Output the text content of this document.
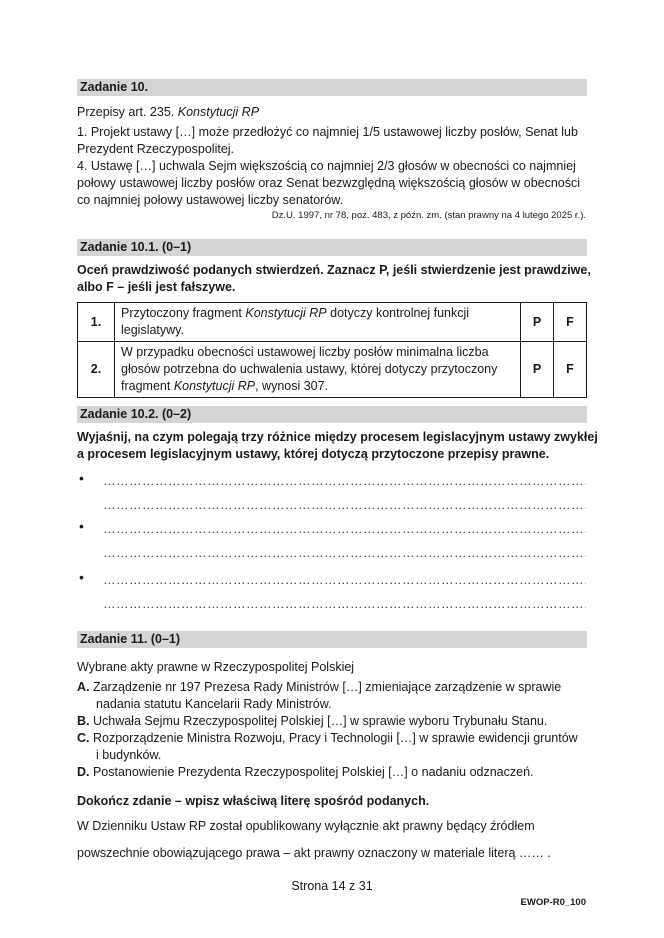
Zadanie 10.
Przepisy art. 235. Konstytucji RP
1. Projekt ustawy […] może przedłożyć co najmniej 1/5 ustawowej liczby posłów, Senat lub
Prezydent Rzeczypospolitej.
4. Ustawę […] uchwala Sejm większością co najmniej 2/3 głosów w obecności co najmniej
połowy ustawowej liczby posłów oraz Senat bezwzględną większością głosów w obecności
co najmniej połowy ustawowej liczby senatorów.
Dz.U. 1997, nr 78, poz. 483, z późn. zm. (stan prawny na 4 lutego 2025 r.).
Zadanie 10.1. (0–1)
Oceń prawdziwość podanych stwierdzeń. Zaznacz P, jeśli stwierdzenie jest prawdziwe,
albo F – jeśli jest fałszywe.
1.	Przytoczony fragment Konstytucji RP dotyczy kontrolnej funkcji
legislatywy.	P	F
2.	W przypadku obecności ustawowej liczby posłów minimalna liczba
głosów potrzebna do uchwalenia ustawy, której dotyczy przytoczony
fragment Konstytucji RP, wynosi 307.	P	F
Zadanie 10.2. (0–2)
Wyjaśnij, na czym polegają trzy różnice między procesem legislacyjnym ustawy zwykłej
a procesem legislacyjnym ustawy, której dotyczą przytoczone przepisy prawne.
•
………………………………………………………………………………………………………………………………………………………………
………………………………………………………………………………………………………………………………………………………………
•
………………………………………………………………………………………………………………………………………………………………
………………………………………………………………………………………………………………………………………………………………
•
………………………………………………………………………………………………………………………………………………………………
………………………………………………………………………………………………………………………………………………………………
Zadanie 11. (0–1)
Wybrane akty prawne w Rzeczypospolitej Polskiej
A. Zarządzenie nr 197 Prezesa Rady Ministrów […] zmieniające zarządzenie w sprawie
nadania statutu Kancelarii Rady Ministrów.
B. Uchwała Sejmu Rzeczypospolitej Polskiej […] w sprawie wyboru Trybunału Stanu.
C. Rozporządzenie Ministra Rozwoju, Pracy i Technologii […] w sprawie ewidencji gruntów
i budynków.
D. Postanowienie Prezydenta Rzeczypospolitej Polskiej […] o nadaniu odznaczeń.
Dokończ zdanie – wpisz właściwą literę spośród podanych.
W Dzienniku Ustaw RP został opublikowany wyłącznie akt prawny będący źródłem
powszechnie obowiązującego prawa – akt prawny oznaczony w materiale literą …… .
Strona 14 z 31
EWOP-R0_100
